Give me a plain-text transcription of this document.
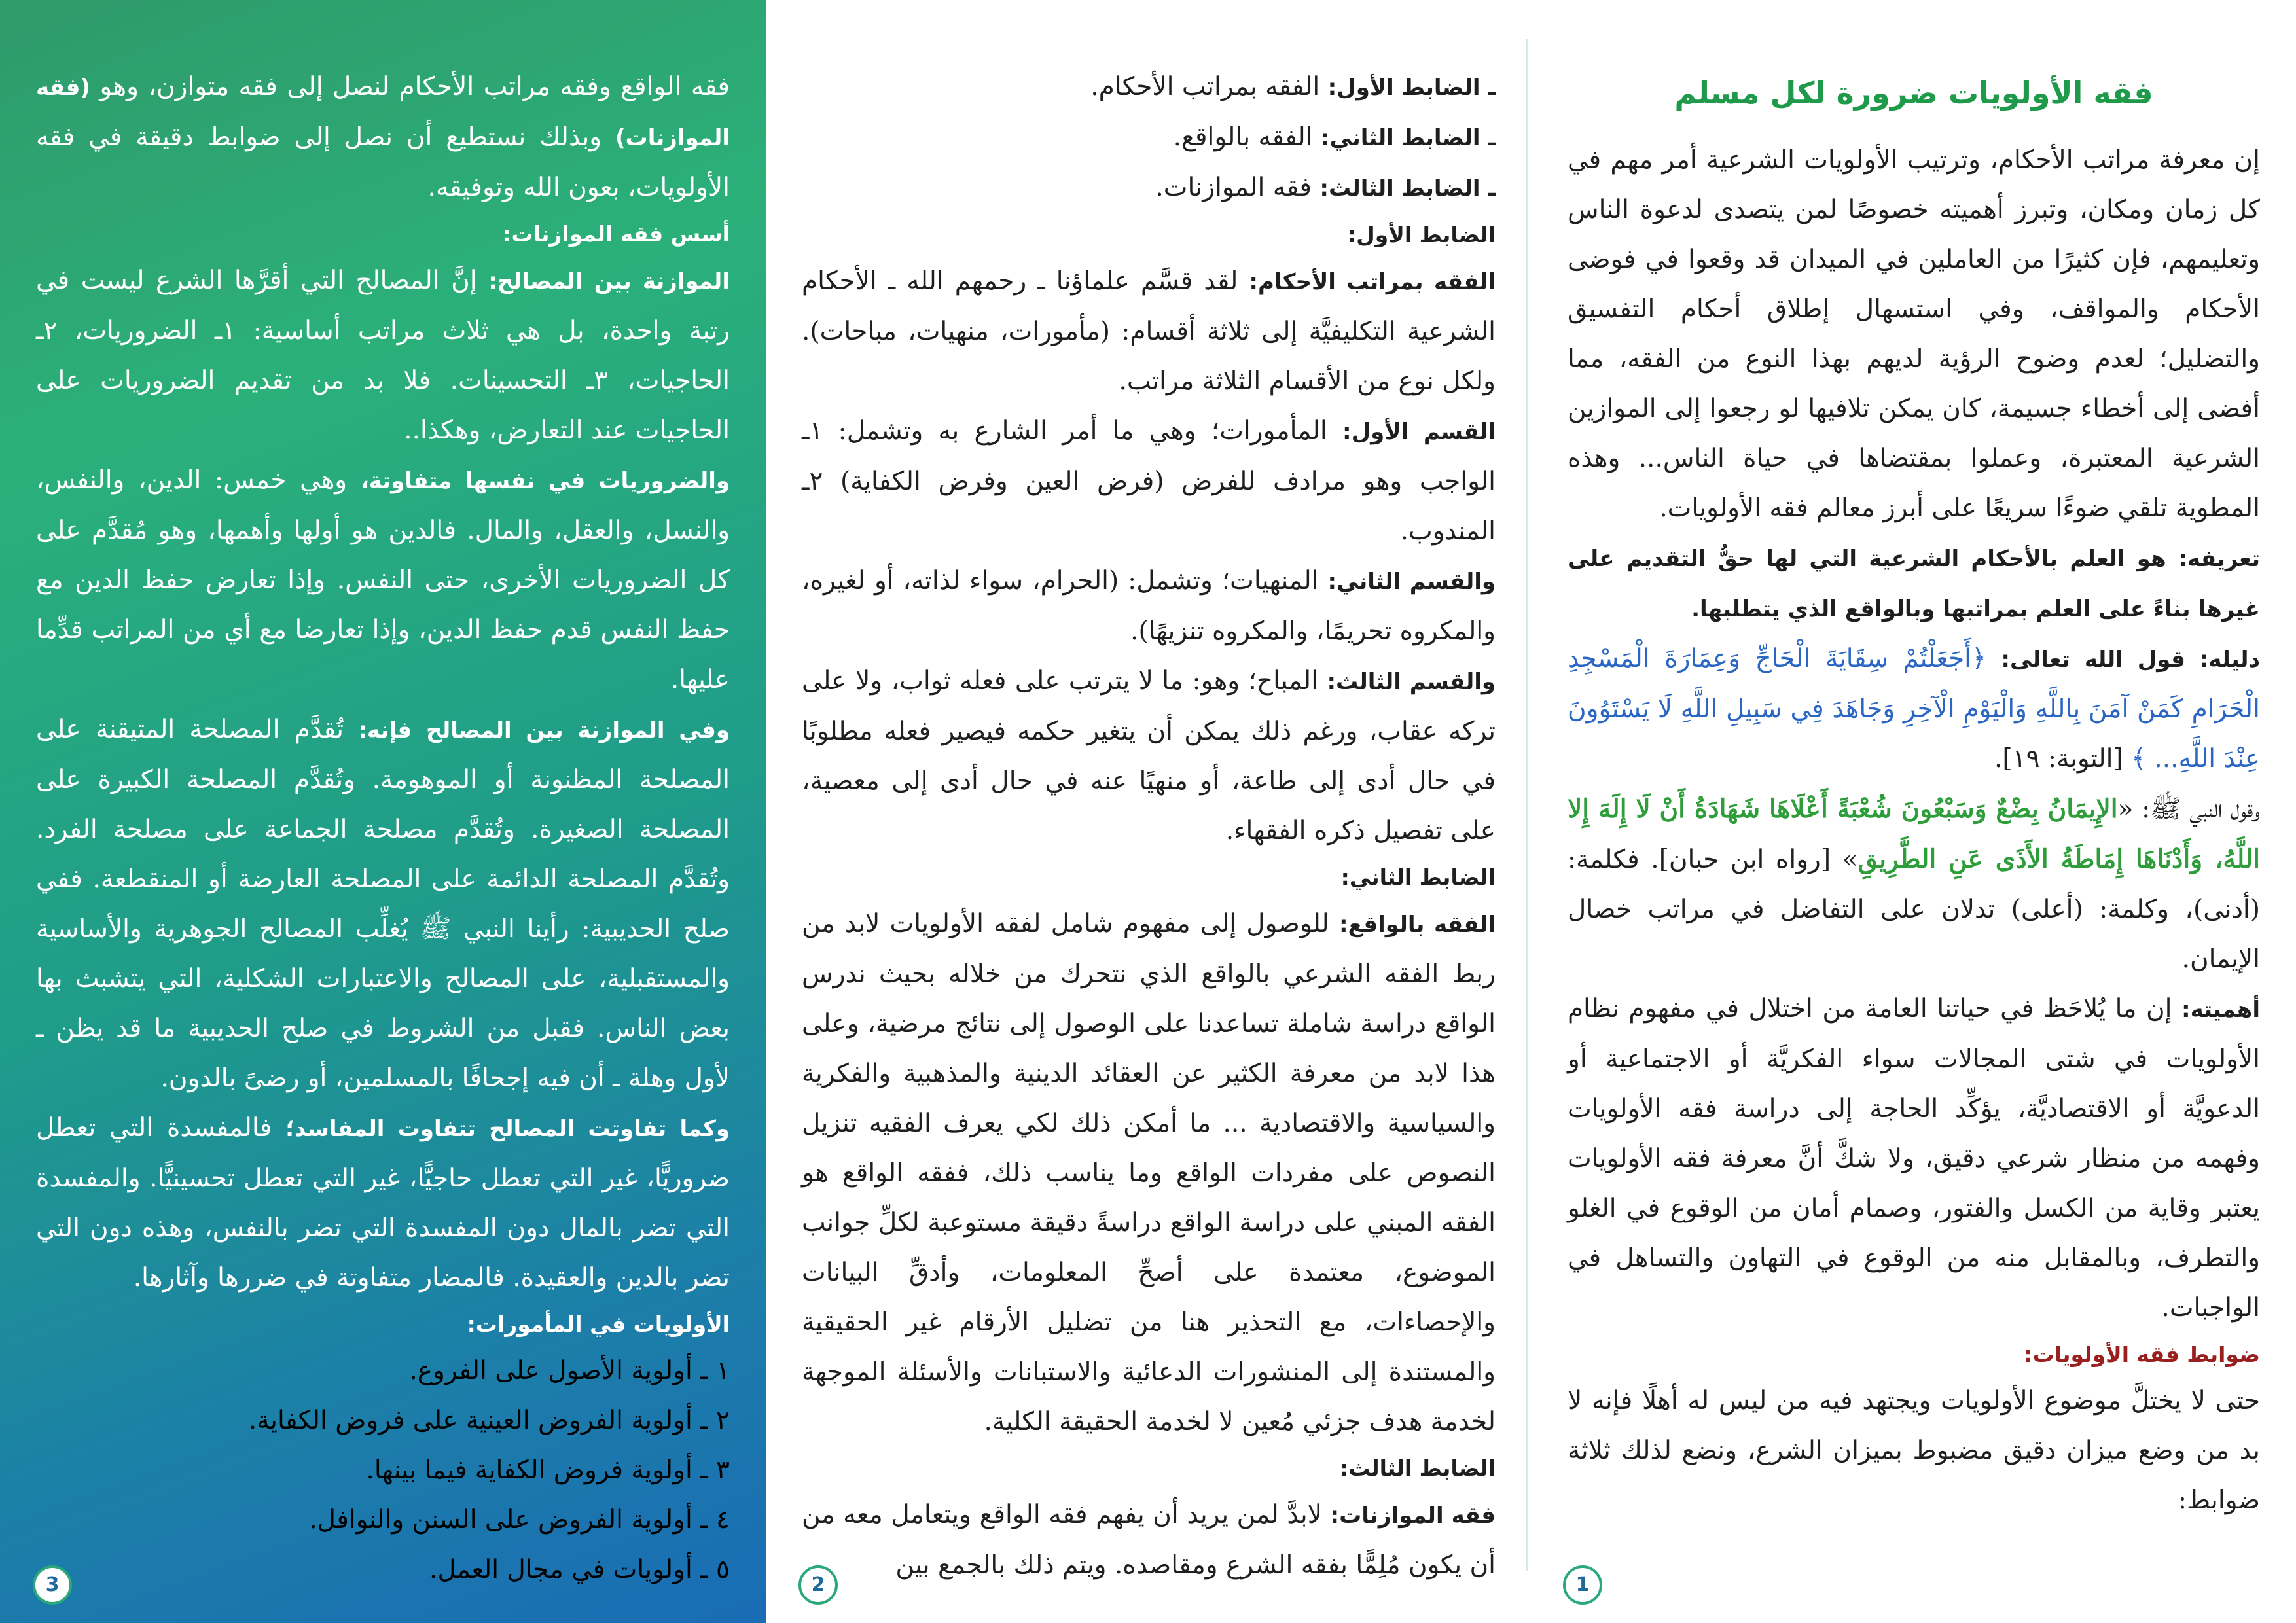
فقه الواقع وفقه مراتب الأحكام لنصل إلى فقه متوازن، وهو (فقه الموازنات) وبذلك نستطيع أن نصل إلى ضوابط دقيقة في فقه الأولويات، بعون الله وتوفيقه.

أسس فقه الموازنات:

الموازنة بين المصالح: إنَّ المصالح التي أقرَّها الشرع ليست في رتبة واحدة، بل هي ثلاث مراتب أساسية: ١ـ الضروريات، ٢ـ الحاجيات، ٣ـ التحسينات. فلا بد من تقديم الضروريات على الحاجيات عند التعارض، وهكذا..

والضروريات في نفسها متفاوتة، وهي خمس: الدين، والنفس، والنسل، والعقل، والمال. فالدين هو أولها وأهمها، وهو مُقدَّم على كل الضروريات الأخرى، حتى النفس. وإذا تعارض حفظ الدين مع حفظ النفس قدم حفظ الدين، وإذا تعارضا مع أي من المراتب قدِّما عليها.

وفي الموازنة بين المصالح فإنه: تُقدَّم المصلحة المتيقنة على المصلحة المظنونة أو الموهومة. وتُقدَّم المصلحة الكبيرة على المصلحة الصغيرة. وتُقدَّم مصلحة الجماعة على مصلحة الفرد. وتُقدَّم المصلحة الدائمة على المصلحة العارضة أو المنقطعة. ففي صلح الحديبية: رأينا النبي ﷺ يُغلِّب المصالح الجوهرية والأساسية والمستقبلية، على المصالح والاعتبارات الشكلية، التي يتشبث بها بعض الناس. فقبل من الشروط في صلح الحديبية ما قد يظن ـ لأول وهلة ـ أن فيه إجحافًا بالمسلمين، أو رضىً بالدون.

وكما تفاوتت المصالح تتفاوت المفاسد؛ فالمفسدة التي تعطل ضروريًّا، غير التي تعطل حاجيًّا، غير التي تعطل تحسينيًّا. والمفسدة التي تضر بالمال دون المفسدة التي تضر بالنفس، وهذه دون التي تضر بالدين والعقيدة. فالمضار متفاوتة في ضررها وآثارها.

الأولويات في المأمورات:

١ ـ أولوية الأصول على الفروع.

٢ ـ أولوية الفروض العينية على فروض الكفاية.

٣ ـ أولوية فروض الكفاية فيما بينها.

٤ ـ أولوية الفروض على السنن والنوافل.

٥ ـ أولويات في مجال العمل.

3

ـ الضابط الأول: الفقه بمراتب الأحكام.

ـ الضابط الثاني: الفقه بالواقع.

ـ الضابط الثالث: فقه الموازنات.

الضابط الأول:

الفقه بمراتب الأحكام: لقد قسَّم علماؤنا ـ رحمهم الله ـ الأحكام الشرعية التكليفيَّة إلى ثلاثة أقسام: (مأمورات، منهيات، مباحات). ولكل نوع من الأقسام الثلاثة مراتب.

القسم الأول: المأمورات؛ وهي ما أمر الشارع به وتشمل: ١ـ الواجب وهو مرادف للفرض (فرض العين وفرض الكفاية) ٢ـ المندوب.

والقسم الثاني: المنهيات؛ وتشمل: (الحرام، سواء لذاته، أو لغيره، والمكروه تحريمًا، والمكروه تنزيهًا).

والقسم الثالث: المباح؛ وهو: ما لا يترتب على فعله ثواب، ولا على تركه عقاب، ورغم ذلك يمكن أن يتغير حكمه فيصير فعله مطلوبًا في حال أدى إلى طاعة، أو منهيًا عنه في حال أدى إلى معصية، على تفصيل ذكره الفقهاء.

الضابط الثاني:

الفقه بالواقع: للوصول إلى مفهوم شامل لفقه الأولويات لابد من ربط الفقه الشرعي بالواقع الذي نتحرك من خلاله بحيث ندرس الواقع دراسة شاملة تساعدنا على الوصول إلى نتائج مرضية، وعلى هذا لابد من معرفة الكثير عن العقائد الدينية والمذهبية والفكرية والسياسية والاقتصادية ... ما أمكن ذلك لكي يعرف الفقيه تنزيل النصوص على مفردات الواقع وما يناسب ذلك، ففقه الواقع هو الفقه المبني على دراسة الواقع دراسةً دقيقة مستوعبة لكلِّ جوانب الموضوع، معتمدة على أصحِّ المعلومات، وأدقِّ البيانات والإحصاءات، مع التحذير هنا من تضليل الأرقام غير الحقيقية والمستندة إلى المنشورات الدعائية والاستبانات والأسئلة الموجهة لخدمة هدف جزئي مُعين لا لخدمة الحقيقة الكلية.

الضابط الثالث:

فقه الموازنات: لابدَّ لمن يريد أن يفهم فقه الواقع ويتعامل معه من أن يكون مُلِمًّا بفقه الشرع ومقاصده. ويتم ذلك بالجمع بين

2

فقه الأولويات ضرورة لكل مسلم

إن معرفة مراتب الأحكام، وترتيب الأولويات الشرعية أمر مهم في كل زمان ومكان، وتبرز أهميته خصوصًا لمن يتصدى لدعوة الناس وتعليمهم، فإن كثيرًا من العاملين في الميدان قد وقعوا في فوضى الأحكام والمواقف، وفي استسهال إطلاق أحكام التفسيق والتضليل؛ لعدم وضوح الرؤية لديهم بهذا النوع من الفقه، مما أفضى إلى أخطاء جسيمة، كان يمكن تلافيها لو رجعوا إلى الموازين الشرعية المعتبرة، وعملوا بمقتضاها في حياة الناس... وهذه المطوية تلقي ضوءًا سريعًا على أبرز معالم فقه الأولويات.

تعريفه: هو العلم بالأحكام الشرعية التي لها حقُّ التقديم على غيرها بناءً على العلم بمراتبها وبالواقع الذي يتطلبها.

دليله: قول الله تعالى: ﴿أَجَعَلْتُمْ سِقَايَةَ الْحَاجِّ وَعِمَارَةَ الْمَسْجِدِ الْحَرَامِ كَمَنْ آمَنَ بِاللَّهِ وَالْيَوْمِ الْآخِرِ وَجَاهَدَ فِي سَبِيلِ اللَّهِ لَا يَسْتَوُونَ عِنْدَ اللَّهِ... ﴾ [التوبة: ١٩].

وقول النبي ﷺ: «الإِيمَانُ بِضْعٌ وَسَبْعُونَ شُعْبَةً أَعْلَاهَا شَهَادَةُ أَنْ لَا إِلَهَ إِلا اللَّهُ، وَأَدْنَاهَا إِمَاطَةُ الأَذَى عَنِ الطَّرِيقِ» [رواه ابن حبان]. فكلمة: (أدنى)، وكلمة: (أعلى) تدلان على التفاضل في مراتب خصال الإيمان.

أهميته: إن ما يُلاحَظ في حياتنا العامة من اختلال في مفهوم نظام الأولويات في شتى المجالات سواء الفكريَّة أو الاجتماعية أو الدعويَّة أو الاقتصاديَّة، يؤكِّد الحاجة إلى دراسة فقه الأولويات وفهمه من منظار شرعي دقيق، ولا شكَّ أنَّ معرفة فقه الأولويات يعتبر وقاية من الكسل والفتور، وصمام أمان من الوقوع في الغلو والتطرف، وبالمقابل منه من الوقوع في التهاون والتساهل في الواجبات.

ضوابط فقه الأولويات:

حتى لا يختلَّ موضوع الأولويات ويجتهد فيه من ليس له أهلًا فإنه لا بد من وضع ميزان دقيق مضبوط بميزان الشرع، ونضع لذلك ثلاثة ضوابط:

1
